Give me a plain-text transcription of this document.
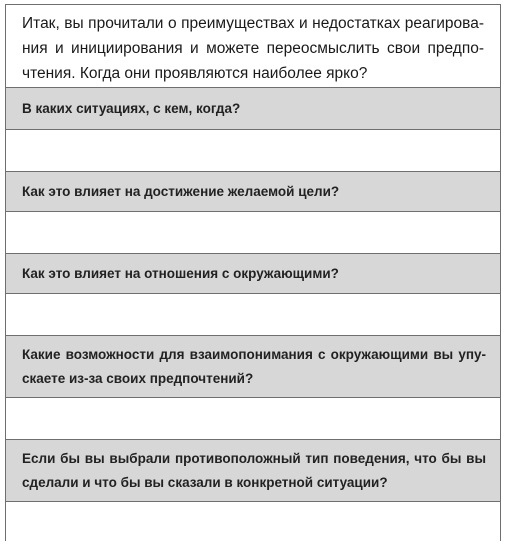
Итак, вы прочитали о преимуществах и недостатках реагирова-ния и инициирования и можете переосмыслить свои предпо-чтения. Когда они проявляются наиболее ярко?
В каких ситуациях, с кем, когда?
Как это влияет на достижение желаемой цели?
Как это влияет на отношения с окружающими?
Какие возможности для взаимопонимания с окружающими вы упу-скаете из-за своих предпочтений?
Если бы вы выбрали противоположный тип поведения, что бы вы сделали и что бы вы сказали в конкретной ситуации?
